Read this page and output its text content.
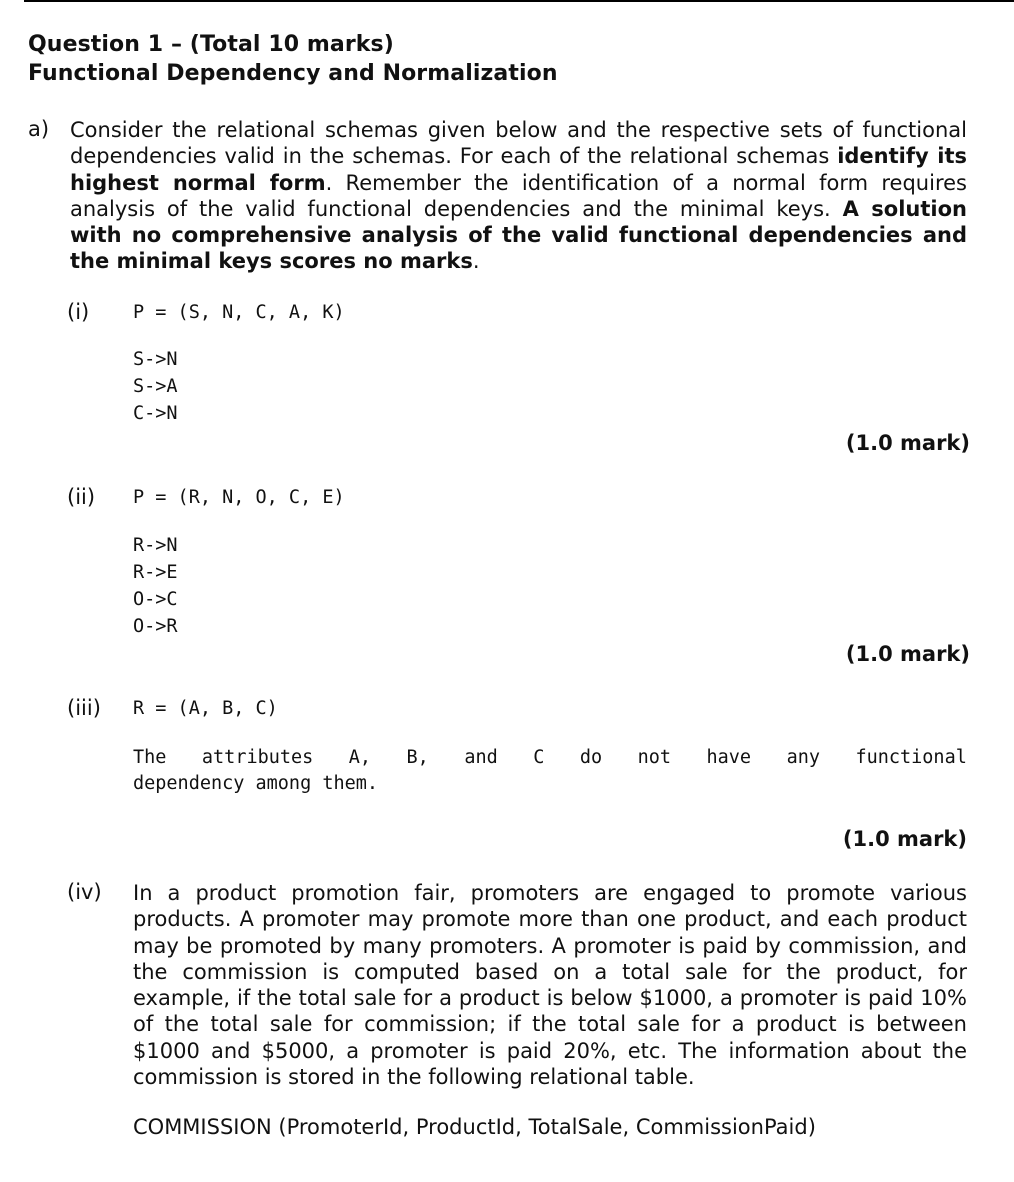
Question 1 – (Total 10 marks)
Functional Dependency and Normalization
a) Consider the relational schemas given below and the respective sets of functional dependencies valid in the schemas. For each of the relational schemas identify its highest normal form. Remember the identification of a normal form requires analysis of the valid functional dependencies and the minimal keys. A solution with no comprehensive analysis of the valid functional dependencies and the minimal keys scores no marks.
(i) P = (S, N, C, A, K)
S->N
S->A
C->N
(1.0 mark)
(ii) P = (R, N, O, C, E)
R->N
R->E
O->C
O->R
(1.0 mark)
(iii) R = (A, B, C)
The attributes A, B, and C do not have any functional
dependency among them.
(1.0 mark)
(iv) In a product promotion fair, promoters are engaged to promote various products. A promoter may promote more than one product, and each product may be promoted by many promoters. A promoter is paid by commission, and the commission is computed based on a total sale for the product, for example, if the total sale for a product is below $1000, a promoter is paid 10% of the total sale for commission; if the total sale for a product is between $1000 and $5000, a promoter is paid 20%, etc. The information about the commission is stored in the following relational table.
COMMISSION (PromoterId, ProductId, TotalSale, CommissionPaid)
